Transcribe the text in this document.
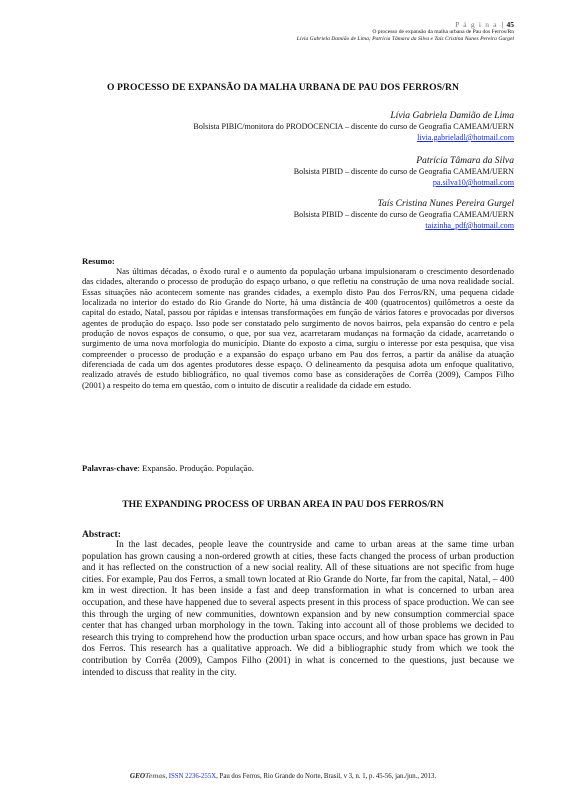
P á g i n a | 45
O processo de expansão da malha urbana de Pau dos Ferros/Rn
Lívia Gabriela Damião de Lima; Patrícia Tâmara da Silva e Taís Cristina Nunes Pereira Gurgel
O PROCESSO DE EXPANSÃO DA MALHA URBANA DE PAU DOS FERROS/RN
Lívia Gabriela Damião de Lima
Bolsista PIBIC/monitora do PRODOCENCIA – discente do curso de Geografia CAMEAM/UERN
livia.gabrieladl@hotmail.com
Patrícia Tâmara da Silva
Bolsista PIBID – discente do curso de Geografia CAMEAM/UERN
pa.silva10@hotmail.com
Taís Cristina Nunes Pereira Gurgel
Bolsista PIBID – discente do curso de Geografia CAMEAM/UERN
taizinha_pdf@hotmail.com
Resumo:

Nas últimas décadas, o êxodo rural e o aumento da população urbana impulsionaram o crescimento desordenado das cidades, alterando o processo de produção do espaço urbano, o que refletiu na construção de uma nova realidade social. Essas situações não acontecem somente nas grandes cidades, a exemplo disto Pau dos Ferros/RN, uma pequena cidade localizada no interior do estado do Rio Grande do Norte, há uma distância de 400 (quatrocentos) quilômetros a oeste da capital do estado, Natal, passou por rápidas e intensas transformações em função de vários fatores e provocadas por diversos agentes de produção do espaço. Isso pode ser constatado pelo surgimento de novos bairros, pela expansão do centro e pela produção de novos espaços de consumo, o que, por sua vez, acarretaram mudanças na formação da cidade, acarretando o surgimento de uma nova morfologia do município. Diante do exposto a cima, surgiu o interesse por esta pesquisa, que visa compreender o processo de produção e a expansão do espaço urbano em Pau dos ferros, a partir da análise da atuação diferenciada de cada um dos agentes produtores desse espaço. O delineamento da pesquisa adota um enfoque qualitativo, realizado através de estudo bibliográfico, no qual tivemos como base as considerações de Corrêa (2009), Campos Filho (2001) a respeito do tema em questão, com o intuito de discutir a realidade da cidade em estudo.

Palavras-chave: Expansão. Produção. População.
THE EXPANDING PROCESS OF URBAN AREA IN PAU DOS FERROS/RN
Abstract:

In the last decades, people leave the countryside and came to urban areas at the same time urban population has grown causing a non-ordered growth at cities, these facts changed the process of urban production and it has reflected on the construction of a new social reality. All of these situations are not specific from huge cities. For example, Pau dos Ferros, a small town located at Rio Grande do Norte, far from the capital, Natal, – 400 km in west direction. It has been inside a fast and deep transformation in what is concerned to urban area occupation, and these have happened due to several aspects present in this process of space production. We can see this through the urging of new communities, downtown expansion and by new consumption commercial space center that has changed urban morphology in the town. Taking into account all of those problems we decided to research this trying to comprehend how the production urban space occurs, and how urban space has grown in Pau dos Ferros. This research has a qualitative approach. We did a bibliographic study from which we took the contribution by Corrêa (2009), Campos Filho (2001) in what is concerned to the questions, just because we intended to discuss that reality in the city.

GEOTemas, ISSN 2236-255X, Pau dos Ferros, Rio Grande do Norte, Brasil, v 3, n. 1, p. 45-56, jan./jun., 2013.
